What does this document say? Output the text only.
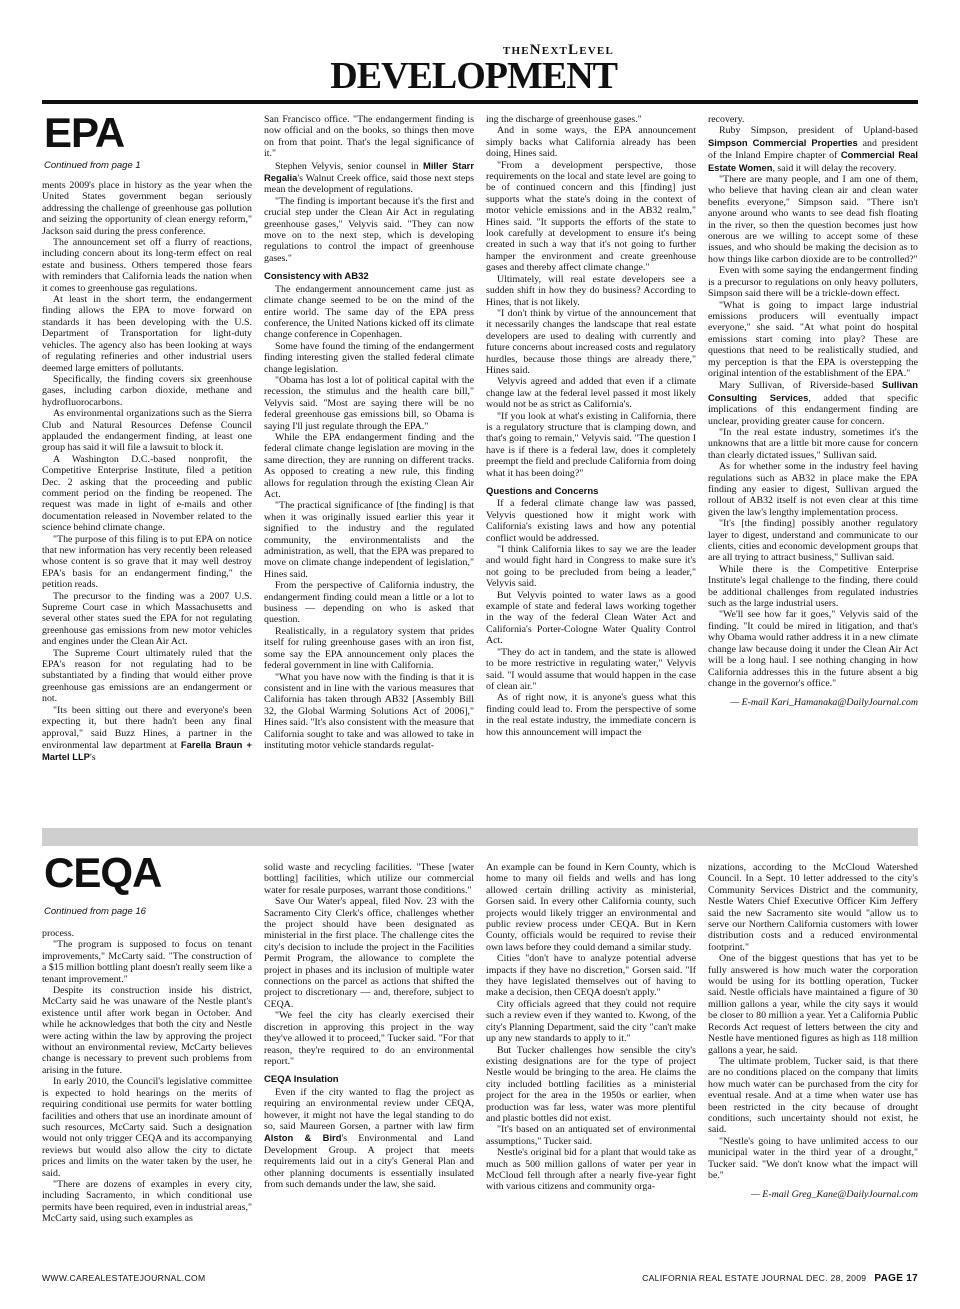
THENEXTLEVEL
DEVELOPMENT
EPA
Continued from page 1

ments 2009's place in history as the year when the United States government began seriously addressing the challenge of greenhouse gas pollution and seizing the opportunity of clean energy reform," Jackson said during the press conference.

The announcement set off a flurry of reactions, including concern about its long-term effect on real estate and business. Others tempered those fears with reminders that California leads the nation when it comes to greenhouse gas regulations.

At least in the short term, the endangerment finding allows the EPA to move forward on standards it has been developing with the U.S. Department of Transportation for light-duty vehicles. The agency also has been looking at ways of regulating refineries and other industrial users deemed large emitters of pollutants.

Specifically, the finding covers six greenhouse gases, including carbon dioxide, methane and hydrofluorocarbons.

As environmental organizations such as the Sierra Club and Natural Resources Defense Council applauded the endangerment finding, at least one group has said it will file a lawsuit to block it.

A Washington D.C.-based nonprofit, the Competitive Enterprise Institute, filed a petition Dec. 2 asking that the proceeding and public comment period on the finding be reopened. The request was made in light of e-mails and other documentation released in November related to the science behind climate change.

"The purpose of this filing is to put EPA on notice that new information has very recently been released whose content is so grave that it may well destroy EPA's basis for an endangerment finding," the petition reads.

The precursor to the finding was a 2007 U.S. Supreme Court case in which Massachusetts and several other states sued the EPA for not regulating greenhouse gas emissions from new motor vehicles and engines under the Clean Air Act.

The Supreme Court ultimately ruled that the EPA's reason for not regulating had to be substantiated by a finding that would either prove greenhouse gas emissions are an endangerment or not.

"Its been sitting out there and everyone's been expecting it, but there hadn't been any final approval," said Buzz Hines, a partner in the environmental law department at Farella Braun + Martel LLP's

San Francisco office. "The endangerment finding is now official and on the books, so things then move on from that point. That's the legal significance of it."

Stephen Velyvis, senior counsel in Miller Starr Regalia's Walnut Creek office, said those next steps mean the development of regulations.

"The finding is important because it's the first and crucial step under the Clean Air Act in regulating greenhouse gases," Velyvis said. "They can now move on to the next step, which is developing regulations to control the impact of greenhouse gases."

Consistency with AB32

The endangerment announcement came just as climate change seemed to be on the mind of the entire world. The same day of the EPA press conference, the United Nations kicked off its climate change conference in Copenhagen.

Some have found the timing of the endangerment finding interesting given the stalled federal climate change legislation.

"Obama has lost a lot of political capital with the recession, the stimulus and the health care bill," Velyvis said. "Most are saying there will be no federal greenhouse gas emissions bill, so Obama is saying I'll just regulate through the EPA."

While the EPA endangerment finding and the federal climate change legislation are moving in the same direction, they are running on different tracks. As opposed to creating a new rule, this finding allows for regulation through the existing Clean Air Act.

"The practical significance of [the finding] is that when it was originally issued earlier this year it signified to the industry and the regulated community, the environmentalists and the administration, as well, that the EPA was prepared to move on climate change independent of legislation," Hines said.

From the perspective of California industry, the endangerment finding could mean a little or a lot to business — depending on who is asked that question.

Realistically, in a regulatory system that prides itself for ruling greenhouse gases with an iron fist, some say the EPA announcement only places the federal government in line with California.

"What you have now with the finding is that it is consistent and in line with the various measures that California has taken through AB32 [Assembly Bill 32, the Global Warming Solutions Act of 2006]," Hines said. "It's also consistent with the measure that California sought to take and was allowed to take in instituting motor vehicle standards regulat-

ing the discharge of greenhouse gases."

And in some ways, the EPA announcement simply backs what California already has been doing, Hines said.

"From a development perspective, those requirements on the local and state level are going to be of continued concern and this [finding] just supports what the state's doing in the context of motor vehicle emissions and in the AB32 realm," Hines said. "It supports the efforts of the state to look carefully at development to ensure it's being created in such a way that it's not going to further hamper the environment and create greenhouse gases and thereby affect climate change."

Ultimately, will real estate developers see a sudden shift in how they do business? According to Hines, that is not likely.

"I don't think by virtue of the announcement that it necessarily changes the landscape that real estate developers are used to dealing with currently and future concerns about increased costs and regulatory hurdles, because those things are already there," Hines said.

Velyvis agreed and added that even if a climate change law at the federal level passed it most likely would not be as strict as California's.

"If you look at what's existing in California, there is a regulatory structure that is clamping down, and that's going to remain," Velyvis said. "The question I have is if there is a federal law, does it completely preempt the field and preclude California from doing what it has been doing?"

Questions and Concerns

If a federal climate change law was passed, Velyvis questioned how it might work with California's existing laws and how any potential conflict would be addressed.

"I think California likes to say we are the leader and would fight hard in Congress to make sure it's not going to be precluded from being a leader," Velyvis said.

But Velyvis pointed to water laws as a good example of state and federal laws working together in the way of the federal Clean Water Act and California's Porter-Cologne Water Quality Control Act.

"They do act in tandem, and the state is allowed to be more restrictive in regulating water," Velyvis said. "I would assume that would happen in the case of clean air."

As of right now, it is anyone's guess what this finding could lead to. From the perspective of some in the real estate industry, the immediate concern is how this announcement will impact the

recovery.

Ruby Simpson, president of Upland-based Simpson Commercial Properties and president of the Inland Empire chapter of Commercial Real Estate Women, said it will delay the recovery.

"There are many people, and I am one of them, who believe that having clean air and clean water benefits everyone," Simpson said. "There isn't anyone around who wants to see dead fish floating in the river, so then the question becomes just how onerous are we willing to accept some of these issues, and who should be making the decision as to how things like carbon dioxide are to be controlled?"

Even with some saying the endangerment finding is a precursor to regulations on only heavy polluters, Simpson said there will be a trickle-down effect.

"What is going to impact large industrial emissions producers will eventually impact everyone," she said. "At what point do hospital emissions start coming into play? These are questions that need to be realistically studied, and my perception is that the EPA is overstepping the original intention of the establishment of the EPA."

Mary Sullivan, of Riverside-based Sullivan Consulting Services, added that specific implications of this endangerment finding are unclear, providing greater cause for concern.

"In the real estate industry, sometimes it's the unknowns that are a little bit more cause for concern than clearly dictated issues," Sullivan said.

As for whether some in the industry feel having regulations such as AB32 in place make the EPA finding any easier to digest, Sullivan argued the rollout of AB32 itself is not even clear at this time given the law's lengthy implementation process.

"It's [the finding] possibly another regulatory layer to digest, understand and communicate to our clients, cities and economic development groups that are all trying to attract business," Sullivan said.

While there is the Competitive Enterprise Institute's legal challenge to the finding, there could be additional challenges from regulated industries such as the large industrial users.

"We'll see how far it goes," Velyvis said of the finding. "It could be mired in litigation, and that's why Obama would rather address it in a new climate change law because doing it under the Clean Air Act will be a long haul. I see nothing changing in how California addresses this in the future absent a big change in the governor's office."

— E-mail Kari_Hamanaka@DailyJournal.com

CEQA
Continued from page 16

process.

"The program is supposed to focus on tenant improvements," McCarty said. "The construction of a $15 million bottling plant doesn't really seem like a tenant improvement."

Despite its construction inside his district, McCarty said he was unaware of the Nestle plant's existence until after work began in October. And while he acknowledges that both the city and Nestle were acting within the law by approving the project without an environmental review, McCarty believes change is necessary to prevent such problems from arising in the future.

In early 2010, the Council's legislative committee is expected to hold hearings on the merits of requiring conditional use permits for water bottling facilities and others that use an inordinate amount of such resources, McCarty said. Such a designation would not only trigger CEQA and its accompanying reviews but would also allow the city to dictate prices and limits on the water taken by the user, he said.

"There are dozens of examples in every city, including Sacramento, in which conditional use permits have been required, even in industrial areas," McCarty said, using such examples as

solid waste and recycling facilities. "These [water bottling] facilities, which utilize our commercial water for resale purposes, warrant those conditions."

Save Our Water's appeal, filed Nov. 23 with the Sacramento City Clerk's office, challenges whether the project should have been designated as ministerial in the first place. The challenge cites the city's decision to include the project in the Facilities Permit Program, the allowance to complete the project in phases and its inclusion of multiple water connections on the parcel as actions that shifted the project to discretionary — and, therefore, subject to CEQA.

"We feel the city has clearly exercised their discretion in approving this project in the way they've allowed it to proceed," Tucker said. "For that reason, they're required to do an environmental report."

CEQA Insulation

Even if the city wanted to flag the project as requiring an environmental review under CEQA, however, it might not have the legal standing to do so, said Maureen Gorsen, a partner with law firm Alston & Bird's Environmental and Land Development Group. A project that meets requirements laid out in a city's General Plan and other planning documents is essentially insulated from such demands under the law, she said.

An example can be found in Kern County, which is home to many oil fields and wells and has long allowed certain drilling activity as ministerial, Gorsen said. In every other California county, such projects would likely trigger an environmental and public review process under CEQA. But in Kern County, officials would be required to revise their own laws before they could demand a similar study.

Cities "don't have to analyze potential adverse impacts if they have no discretion," Gorsen said. "If they have legislated themselves out of having to make a decision, then CEQA doesn't apply."

City officials agreed that they could not require such a review even if they wanted to. Kwong, of the city's Planning Department, said the city "can't make up any new standards to apply to it."

But Tucker challenges how sensible the city's existing designations are for the type of project Nestle would be bringing to the area. He claims the city included bottling facilities as a ministerial project for the area in the 1950s or earlier, when production was far less, water was more plentiful and plastic bottles did not exist.

"It's based on an antiquated set of environmental assumptions," Tucker said.

Nestle's original bid for a plant that would take as much as 500 million gallons of water per year in McCloud fell through after a nearly five-year fight with various citizens and community orga-

nizations, according to the McCloud Watershed Council. In a Sept. 10 letter addressed to the city's Community Services District and the community, Nestle Waters Chief Executive Officer Kim Jeffery said the new Sacramento site would "allow us to serve our Northern California customers with lower distribution costs and a reduced environmental footprint."

One of the biggest questions that has yet to be fully answered is how much water the corporation would be using for its bottling operation, Tucker said. Nestle officials have maintained a figure of 30 million gallons a year, while the city says it would be closer to 80 million a year. Yet a California Public Records Act request of letters between the city and Nestle have mentioned figures as high as 118 million gallons a year, he said.

The ultimate problem, Tucker said, is that there are no conditions placed on the company that limits how much water can be purchased from the city for eventual resale. And at a time when water use has been restricted in the city because of drought conditions, such uncertainty should not exist, he said.

"Nestle's going to have unlimited access to our municipal water in the third year of a drought," Tucker said. "We don't know what the impact will be."

— E-mail Greg_Kane@DailyJournal.com

WWW.CAREALESTATEJOURNAL.COM	CALIFORNIA REAL ESTATE JOURNAL DEC. 28, 2009 PAGE 17
